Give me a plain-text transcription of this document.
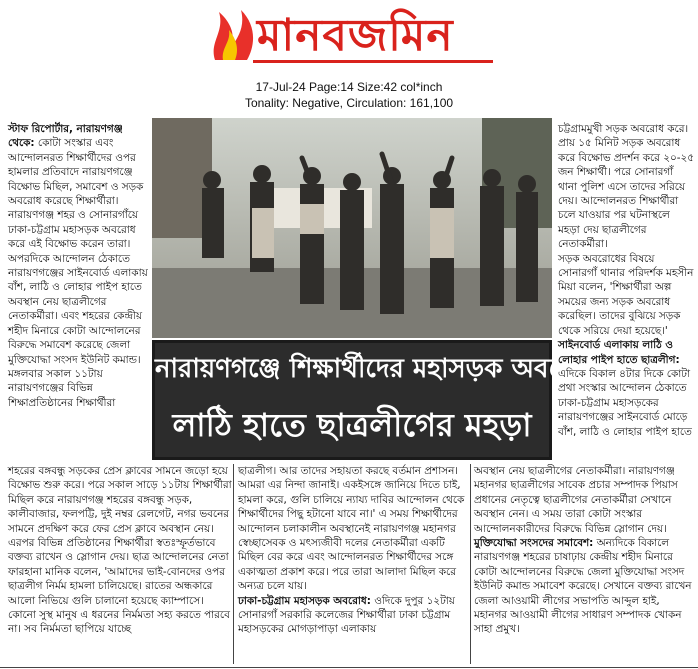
মানবজমিন
17-Jul-24 Page:14 Size:42 col*inch
Tonality: Negative, Circulation: 161,100

স্টাফ রিপোর্টার, নারায়ণগঞ্জ থেকে: কোটা সংস্কার এবং আন্দোলনরত শিক্ষার্থীদের ওপর হামলার প্রতিবাদে নারায়ণগঞ্জে বিক্ষোভ মিছিল, সমাবেশ ও সড়ক অবরোধ করেছে শিক্ষার্থীরা।

নারায়ণগঞ্জ শহর ও সোনারগাঁয়ে ঢাকা-চট্টগ্রাম মহাসড়ক অবরোধ করে এই বিক্ষোভ করেন তারা।

অপরদিকে আন্দোলন ঠেকাতে নারায়ণগঞ্জের সাইনবোর্ড এলাকায় বাঁশ, লাঠি ও লোহার পাইপ হাতে অবস্থান নেয় ছাত্রলীগের নেতাকর্মীরা। এবং শহরের কেন্দ্রীয় শহীদ মিনারে কোটা আন্দোলনের বিরুদ্ধে সমাবেশ করেছে জেলা মুক্তিযোদ্ধা সংসদ ইউনিট কমান্ড।

মঙ্গলবার সকাল ১১টায় নারায়ণগঞ্জের বিভিন্ন শিক্ষাপ্রতিষ্ঠানের শিক্ষার্থীরা

নারায়ণগঞ্জে শিক্ষার্থীদের মহাসড়ক অবরোধ
লাঠি হাতে ছাত্রলীগের মহড়া

চট্টগ্রামমুখী সড়ক অবরোধ করে। প্রায় ১৫ মিনিট সড়ক অবরোধ করে বিক্ষোভ প্রদর্শন করে ২০-২৫ জন শিক্ষার্থী। পরে সোনারগাঁ থানা পুলিশ এসে তাদের সরিয়ে দেয়। আন্দোলনরত শিক্ষার্থীরা চলে যাওয়ার পর ঘটনাস্থলে মহড়া দেয় ছাত্রলীগের নেতাকর্মীরা।

সড়ক অবরোধের বিষয়ে সোনারগাঁ থানার পরিদর্শক মহসীন মিয়া বলেন, 'শিক্ষার্থীরা অল্প সময়ের জন্য সড়ক অবরোধ করেছিল। তাদের বুঝিয়ে সড়ক থেকে সরিয়ে দেয়া হয়েছে।'

সাইনবোর্ড এলাকায় লাঠি ও লোহার পাইপ হাতে ছাত্রলীগ: এদিকে বিকাল ৪টার দিকে কোটা প্রথা সংস্কার আন্দোলন ঠেকাতে ঢাকা-চট্টগ্রাম মহাসড়কের নারায়ণগঞ্জের সাইনবোর্ড মোড়ে বাঁশ, লাঠি ও লোহার পাইপ হাতে

শহরের বঙ্গবন্ধু সড়কের প্রেস ক্লাবের সামনে জড়ো হয়ে বিক্ষোভ শুরু করে। পরে সকাল সাড়ে ১১টায় শিক্ষার্থীরা মিছিল করে নারায়ণগঞ্জ শহরের বঙ্গবন্ধু সড়ক, কালীবাজার, ফলপট্টি, দুই নম্বর রেলগেট, নগর ভবনের সামনে প্রদক্ষিণ করে ফের প্রেস ক্লাবে অবস্থান নেয়। এরপর বিভিন্ন প্রতিষ্ঠানের শিক্ষার্থীরা স্বতঃস্ফূর্তভাবে বক্তব্য রাখেন ও স্লোগান দেয়। ছাত্র আন্দোলনের নেতা ফারহানা মানিক বলেন, 'আমাদের ভাই-বোনদের ওপর ছাত্রলীগ নির্মম হামলা চালিয়েছে। রাতের অন্ধকারে আলো নিভিয়ে গুলি চালানো হয়েছে ক্যাম্পাসে। কোনো সুস্থ মানুষ এ ধরনের নির্মমতা সহ্য করতে পারবে না। সব নির্মমতা ছাপিয়ে যাচ্ছে

ছাত্রলীগ। আর তাদের সহায়তা করছে বর্তমান প্রশাসন। আমরা এর নিন্দা জানাই। একইসঙ্গে জানিয়ে দিতে চাই, হামলা করে, গুলি চালিয়ে ন্যায্য দাবির আন্দোলন থেকে শিক্ষার্থীদের পিছু হটানো যাবে না।' এ সময় শিক্ষার্থীদের আন্দোলন চলাকালীন অবস্থানেই নারায়ণগঞ্জ মহানগর স্বেচ্ছাসেবক ও মৎস্যজীবী দলের নেতাকর্মীরা একটি মিছিল বের করে এবং আন্দোলনরত শিক্ষার্থীদের সঙ্গে একাত্মতা প্রকাশ করে। পরে তারা আলাদা মিছিল করে অন্যত্র চলে যায়।

ঢাকা-চট্টগ্রাম মহাসড়ক অবরোধ: ওদিকে দুপুর ১২টায় সোনারগাঁ সরকারি কলেজের শিক্ষার্থীরা ঢাকা চট্টগ্রাম মহাসড়কের মোগড়াপাড়া এলাকায়

অবস্থান নেয় ছাত্রলীগের নেতাকর্মীরা। নারায়ণগঞ্জ মহানগর ছাত্রলীগের সাবেক প্রচার সম্পাদক পিয়াস প্রধানের নেতৃত্বে ছাত্রলীগের নেতাকর্মীরা সেখানে অবস্থান নেন। এ সময় তারা কোটা সংস্কার আন্দোলনকারীদের বিরুদ্ধে বিভিন্ন স্লোগান দেয়।

মুক্তিযোদ্ধা সংসদের সমাবেশ: অন্যদিকে বিকালে নারায়ণগঞ্জ শহরের চাষাঢ়ায় কেন্দ্রীয় শহীদ মিনারে কোটা আন্দোলনের বিরুদ্ধে জেলা মুক্তিযোদ্ধা সংসদ ইউনিট কমান্ড সমাবেশ করেছে। সেখানে বক্তব্য রাখেন জেলা আওয়ামী লীগের সভাপতি আব্দুল হাই, মহানগর আওয়ামী লীগের সাধারণ সম্পাদক খোকন সাহা প্রমুখ।
